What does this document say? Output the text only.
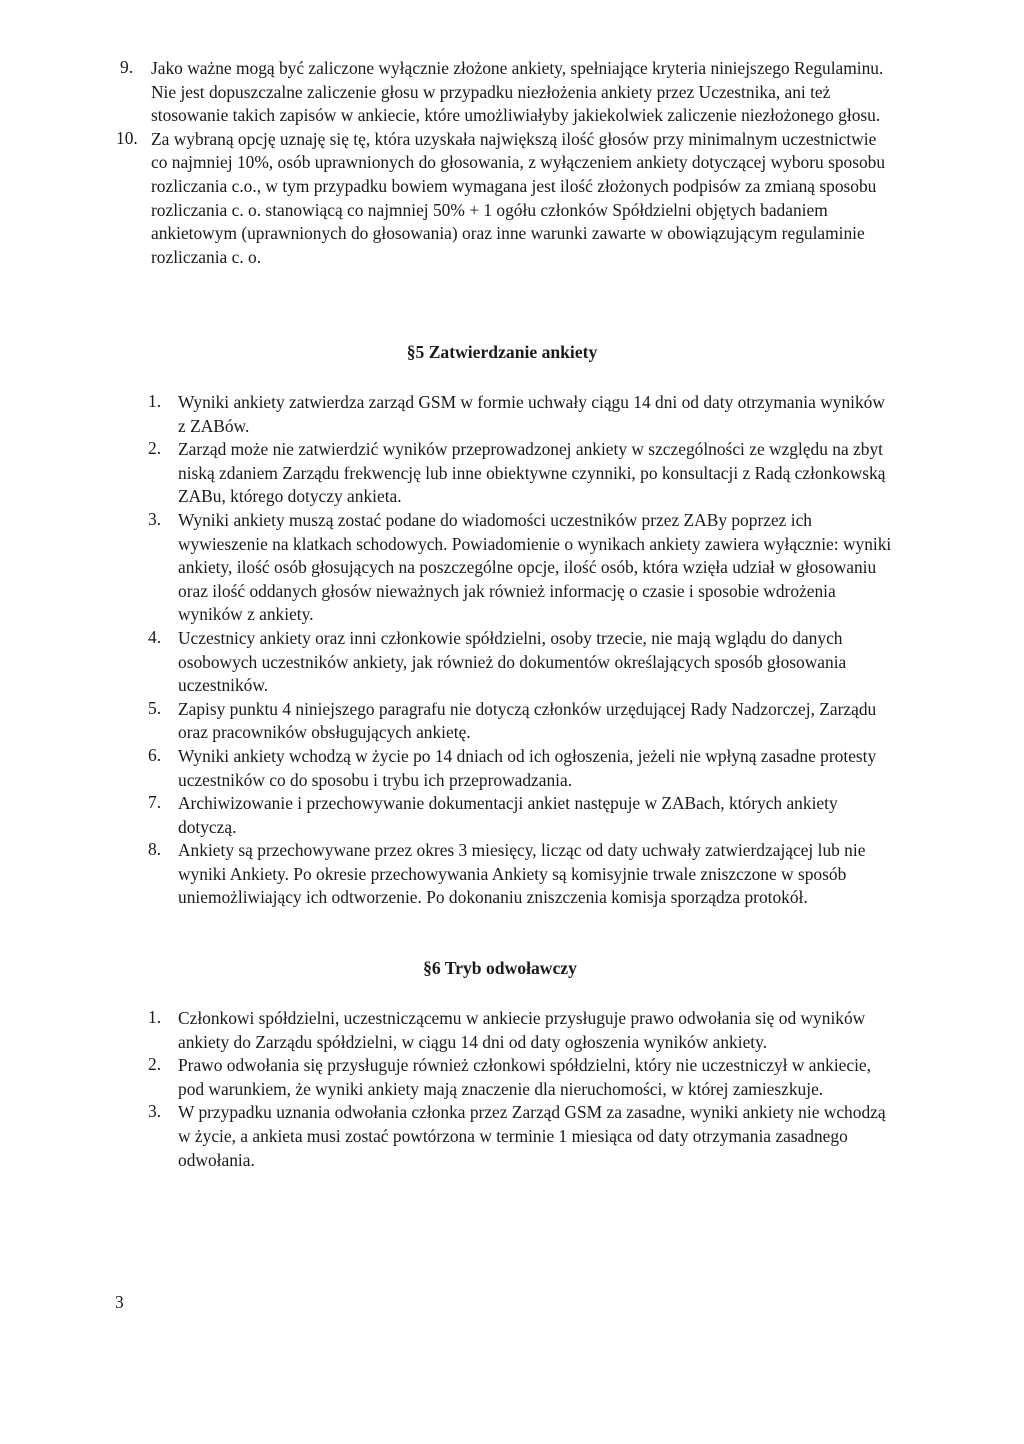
9. Jako ważne mogą być zaliczone wyłącznie złożone ankiety, spełniające kryteria niniejszego Regulaminu. Nie jest dopuszczalne zaliczenie głosu w przypadku niezłożenia ankiety przez Uczestnika, ani też stosowanie takich zapisów w ankiecie, które umożliwiałyby jakiekolwiek zaliczenie niezłożonego głosu.
10. Za wybraną opcję uznaję się tę, która uzyskała największą ilość głosów przy minimalnym uczestnictwie co najmniej 10%, osób uprawnionych do głosowania, z wyłączeniem ankiety dotyczącej wyboru sposobu rozliczania c.o., w tym przypadku bowiem wymagana jest ilość złożonych podpisów za zmianą sposobu rozliczania c. o. stanowiącą co najmniej 50% + 1 ogółu członków Spółdzielni objętych badaniem ankietowym (uprawnionych do głosowania) oraz inne warunki zawarte w obowiązującym regulaminie rozliczania c. o.
§5 Zatwierdzanie ankiety
1. Wyniki ankiety zatwierdza zarząd GSM w formie uchwały ciągu 14 dni od daty otrzymania wyników z ZABów.
2. Zarząd może nie zatwierdzić wyników przeprowadzonej ankiety w szczególności ze względu na zbyt niską zdaniem Zarządu frekwencję lub inne obiektywne czynniki, po konsultacji z Radą członkowską ZABu, którego dotyczy ankieta.
3. Wyniki ankiety muszą zostać podane do wiadomości uczestników przez ZABy poprzez ich wywieszenie na klatkach schodowych. Powiadomienie o wynikach ankiety zawiera wyłącznie: wyniki ankiety, ilość osób głosujących na poszczególne opcje, ilość osób, która wzięła udział w głosowaniu oraz ilość oddanych głosów nieważnych jak również informację o czasie i sposobie wdrożenia wyników z ankiety.
4. Uczestnicy ankiety oraz inni członkowie spółdzielni, osoby trzecie, nie mają wglądu do danych osobowych uczestników ankiety, jak również do dokumentów określających sposób głosowania uczestników.
5. Zapisy punktu 4 niniejszego paragrafu nie dotyczą członków urzędującej Rady Nadzorczej, Zarządu oraz pracowników obsługujących ankietę.
6. Wyniki ankiety wchodzą w życie po 14 dniach od ich ogłoszenia, jeżeli nie wpłyną zasadne protesty uczestników co do sposobu i trybu ich przeprowadzania.
7. Archiwizowanie i przechowywanie dokumentacji ankiet następuje w ZABach, których ankiety dotyczą.
8. Ankiety są przechowywane przez okres 3 miesięcy, licząc od daty uchwały zatwierdzającej lub nie wyniki Ankiety. Po okresie przechowywania Ankiety są komisyjnie trwale zniszczone w sposób uniemożliwiający ich odtworzenie. Po dokonaniu zniszczenia komisja sporządza protokół.
§6 Tryb odwoławczy
1. Członkowi spółdzielni, uczestniczącemu w ankiecie przysługuje prawo odwołania się od wyników ankiety do Zarządu spółdzielni, w ciągu 14 dni od daty ogłoszenia wyników ankiety.
2. Prawo odwołania się przysługuje również członkowi spółdzielni, który nie uczestniczył w ankiecie, pod warunkiem, że wyniki ankiety mają znaczenie dla nieruchomości, w której zamieszkuje.
3. W przypadku uznania odwołania członka przez Zarząd GSM za zasadne, wyniki ankiety nie wchodzą w życie, a ankieta musi zostać powtórzona w terminie 1 miesiąca od daty otrzymania zasadnego odwołania.
3
